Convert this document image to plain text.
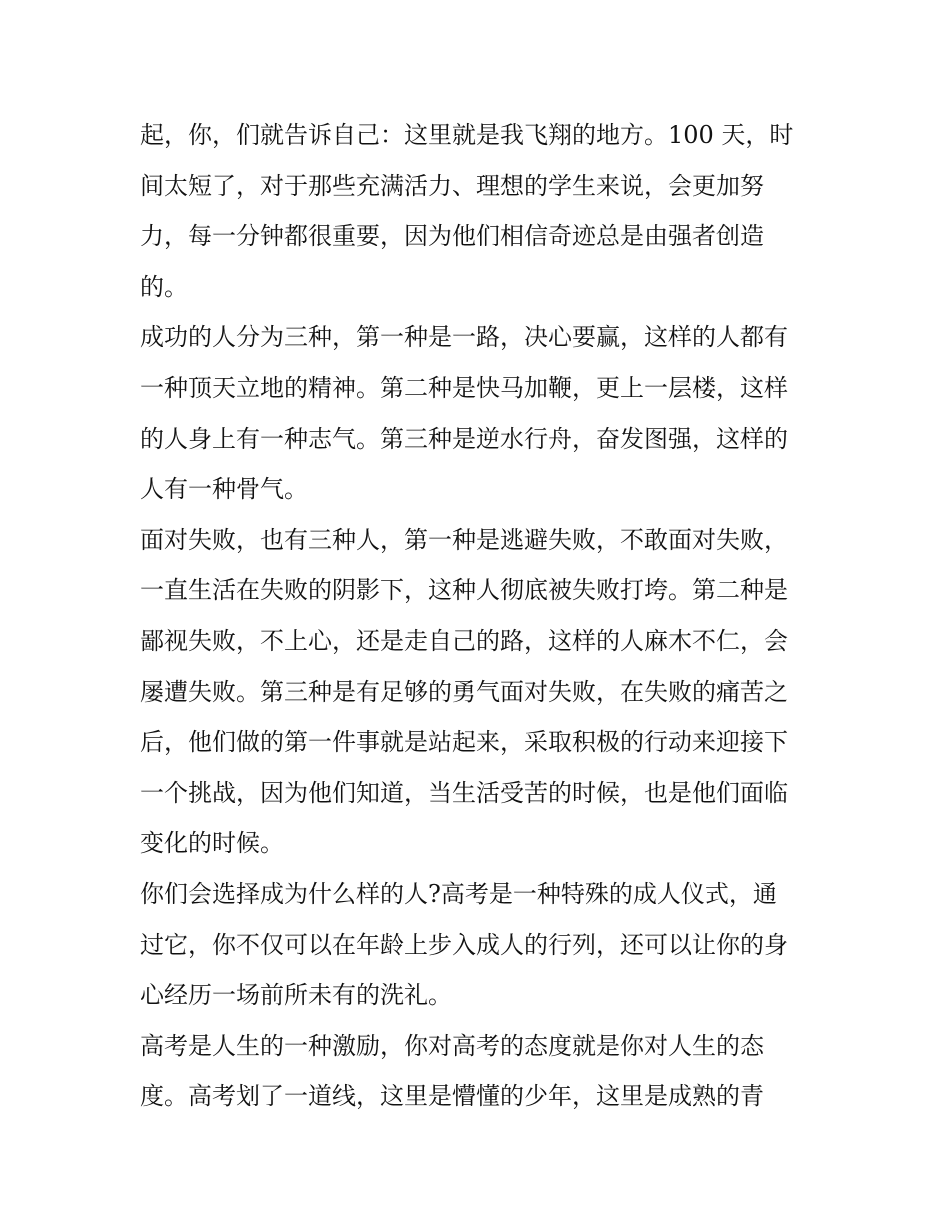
起，你，们就告诉自己：这里就是我飞翔的地方。100 天，时
间太短了，对于那些充满活力、理想的学生来说，会更加努
力，每一分钟都很重要，因为他们相信奇迹总是由强者创造
的。
成功的人分为三种，第一种是一路，决心要赢，这样的人都有
一种顶天立地的精神。第二种是快马加鞭，更上一层楼，这样
的人身上有一种志气。第三种是逆水行舟，奋发图强，这样的
人有一种骨气。
面对失败，也有三种人，第一种是逃避失败，不敢面对失败，
一直生活在失败的阴影下，这种人彻底被失败打垮。第二种是
鄙视失败，不上心，还是走自己的路，这样的人麻木不仁，会
屡遭失败。第三种是有足够的勇气面对失败，在失败的痛苦之
后，他们做的第一件事就是站起来，采取积极的行动来迎接下
一个挑战，因为他们知道，当生活受苦的时候，也是他们面临
变化的时候。
你们会选择成为什么样的人?高考是一种特殊的成人仪式，通
过它，你不仅可以在年龄上步入成人的行列，还可以让你的身
心经历一场前所未有的洗礼。
高考是人生的一种激励，你对高考的态度就是你对人生的态
度。高考划了一道线，这里是懵懂的少年，这里是成熟的青
